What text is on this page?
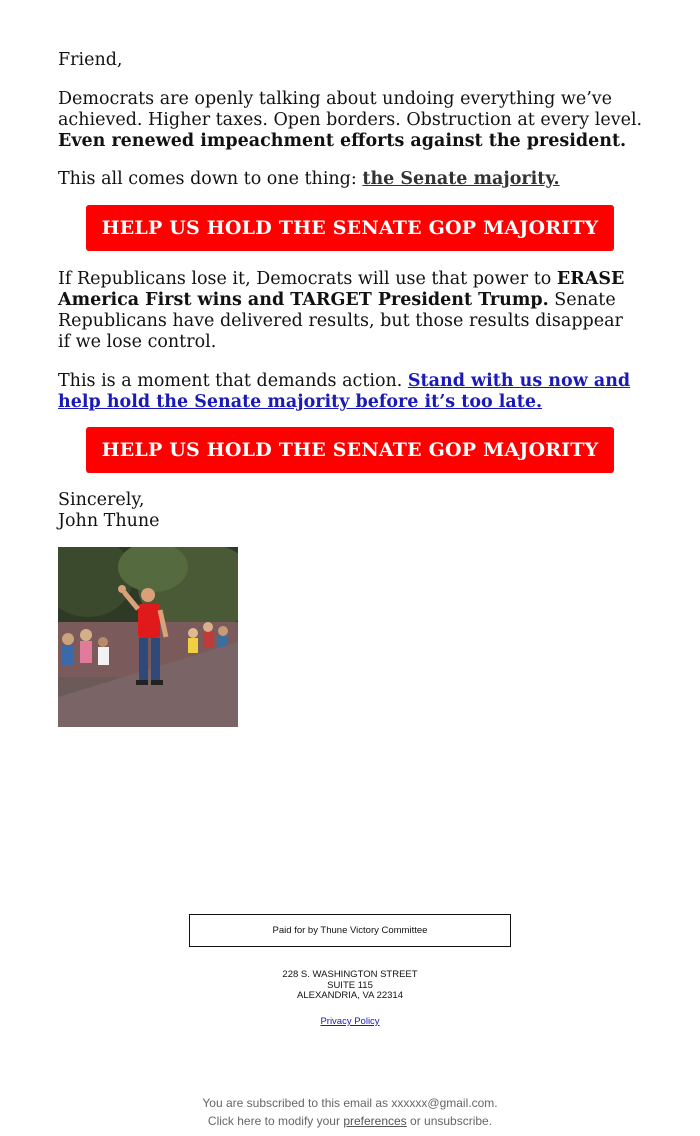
Friend,

Democrats are openly talking about undoing everything we’ve achieved. Higher taxes. Open borders. Obstruction at every level. Even renewed impeachment efforts against the president.

This all comes down to one thing: the Senate majority.

If Republicans lose it, Democrats will use that power to ERASE America First wins and TARGET President Trump. Senate Republicans have delivered results, but those results disappear if we lose control.

This is a moment that demands action. Stand with us now and help hold the Senate majority before it’s too late.

Sincerely,
John Thune
HELP US HOLD THE SENATE GOP MAJORITY
HELP US HOLD THE SENATE GOP MAJORITY
Paid for by Thune Victory Committee
228 S. WASHINGTON STREET
SUITE 115
ALEXANDRIA, VA 22314
Privacy Policy
You are subscribed to this email as xxxxxx@gmail.com.
Click here to modify your preferences or unsubscribe.
